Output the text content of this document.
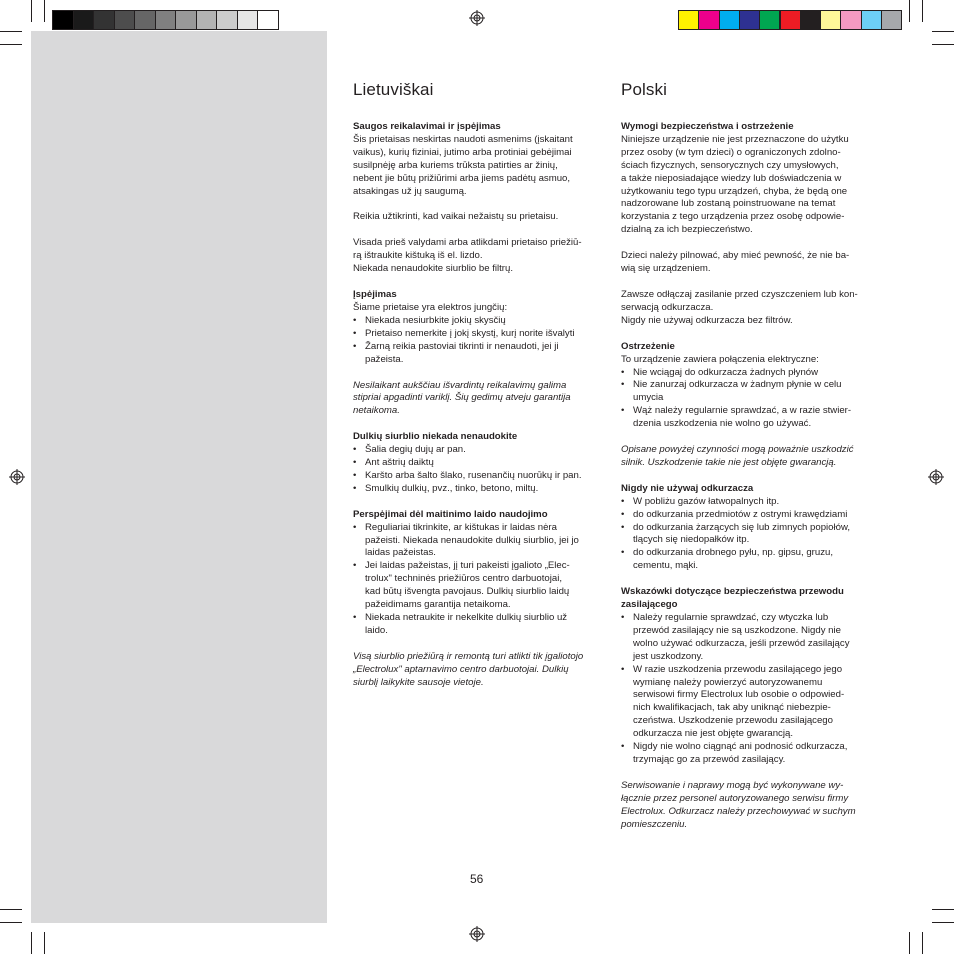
Lietuviškai

Saugos reikalavimai ir įspėjimas

Šis prietaisas neskirtas naudoti asmenims (įskaitant
vaikus), kurių fiziniai, jutimo arba protiniai gebėjimai
susilpnėję arba kuriems trūksta patirties ar žinių,
nebent jie būtų prižiūrimi arba jiems padėtų asmuo,
atsakingas už jų saugumą.
Reikia užtikrinti, kad vaikai nežaistų su prietaisu.
Visada prieš valydami arba atlikdami prietaiso priežiū-
rą ištraukite kištuką iš el. lizdo.
Niekada nenaudokite siurblio be filtrų.

Įspėjimas

Šiame prietaise yra elektros jungčių:

• Niekada nesiurbkite jokių skysčių
• Prietaiso nemerkite į jokį skystį, kurį norite išvalyti
• Žarną reikia pastoviai tikrinti ir nenaudoti, jei ji
pažeista.
Nesilaikant aukščiau išvardintų reikalavimų galima
stipriai apgadinti variklį. Šių gedimų atveju garantija
netaikoma.

Dulkių siurblio niekada nenaudokite

• Šalia degių dujų ar pan.
• Ant aštrių daiktų
• Karšto arba šalto šlako, rusenančių nuorūkų ir pan.
• Smulkių dulkių, pvz., tinko, betono, miltų.

Perspėjimai dėl maitinimo laido naudojimo

• Reguliariai tikrinkite, ar kištukas ir laidas nėra
pažeisti. Niekada nenaudokite dulkių siurblio, jei jo
laidas pažeistas.
• Jei laidas pažeistas, jį turi pakeisti įgalioto „Elec-
trolux" techninės priežiūros centro darbuotojai,
kad būtų išvengta pavojaus. Dulkių siurblio laidų
pažeidimams garantija netaikoma.
• Niekada netraukite ir nekelkite dulkių siurblio už
laido.
Visą siurblio priežiūrą ir remontą turi atlikti tik įgaliotojo
„Electrolux" aptarnavimo centro darbuotojai. Dulkių
siurblį laikykite sausoje vietoje.
Polski

Wymogi bezpieczeństwa i ostrzeżenie

Niniejsze urządzenie nie jest przeznaczone do użytku
przez osoby (w tym dzieci) o ograniczonych zdolno-
ściach fizycznych, sensorycznych czy umysłowych,
a także nieposiadające wiedzy lub doświadczenia w
użytkowaniu tego typu urządzeń, chyba, że będą one
nadzorowane lub zostaną poinstruowane na temat
korzystania z tego urządzenia przez osobę odpowie-
dzialną za ich bezpieczeństwo.
Dzieci należy pilnować, aby mieć pewność, że nie ba-
wią się urządzeniem.
Zawsze odłączaj zasilanie przed czyszczeniem lub kon-
serwacją odkurzacza.
Nigdy nie używaj odkurzacza bez filtrów.

Ostrzeżenie

To urządzenie zawiera połączenia elektryczne:

• Nie wciągaj do odkurzacza żadnych płynów
• Nie zanurzaj odkurzacza w żadnym płynie w celu
umycia
• Wąż należy regularnie sprawdzać, a w razie stwier-
dzenia uszkodzenia nie wolno go używać.
Opisane powyżej czynności mogą poważnie uszkodzić
silnik. Uszkodzenie takie nie jest objęte gwarancją.

Nigdy nie używaj odkurzacza

• W pobliżu gazów łatwopalnych itp.
• do odkurzania przedmiotów z ostrymi krawędziami
• do odkurzania żarzących się lub zimnych popiołów,
tlących się niedopałków itp.
• do odkurzania drobnego pyłu, np. gipsu, gruzu,
cementu, mąki.
Wskazówki dotyczące bezpieczeństwa przewodu
zasilającego
• Należy regularnie sprawdzać, czy wtyczka lub
przewód zasilający nie są uszkodzone. Nigdy nie
wolno używać odkurzacza, jeśli przewód zasilający
jest uszkodzony.
• W razie uszkodzenia przewodu zasilającego jego
wymianę należy powierzyć autoryzowanemu
serwisowi firmy Electrolux lub osobie o odpowied-
nich kwalifikacjach, tak aby uniknąć niebezpie-
czeństwa. Uszkodzenie przewodu zasilającego
odkurzacza nie jest objęte gwarancją.
• Nigdy nie wolno ciągnąć ani podnosić odkurzacza,
trzymając go za przewód zasilający.
Serwisowanie i naprawy mogą być wykonywane wy-
łącznie przez personel autoryzowanego serwisu firmy
Electrolux. Odkurzacz należy przechowywać w suchym
pomieszczeniu.
56
